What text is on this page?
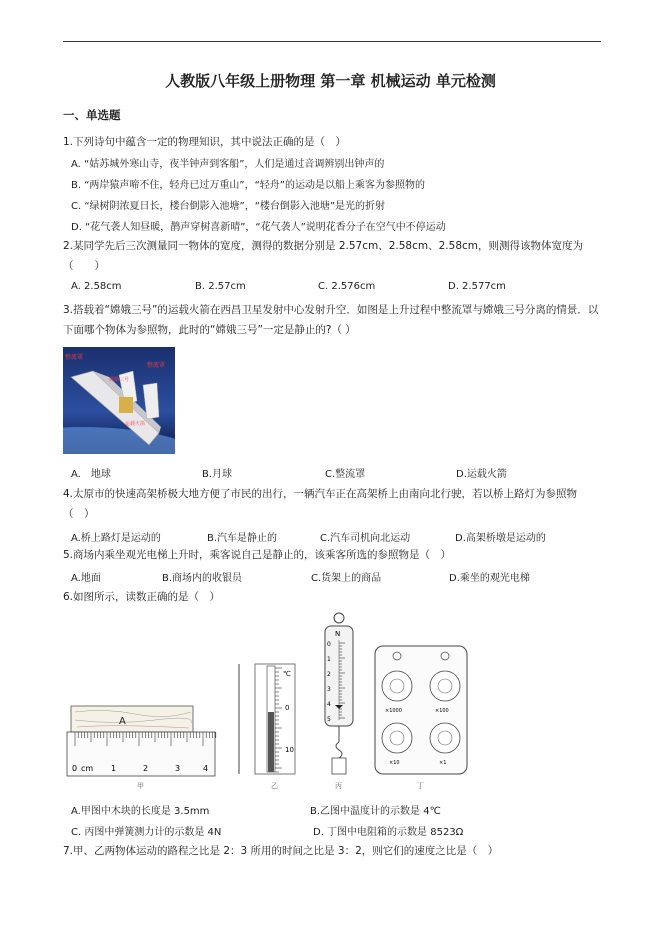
人教版八年级上册物理 第一章 机械运动 单元检测
一、单选题
1.下列诗句中蕴含一定的物理知识，其中说法正确的是（　）
A. “姑苏城外寒山寺，夜半钟声到客船”，人们是通过音调辨别出钟声的
B. “两岸猿声啼不住，轻舟已过万重山”，“轻舟”的运动是以船上乘客为参照物的
C. “绿树阴浓夏日长，楼台倒影入池塘”，“楼台倒影入池塘”是光的折射
D. “花气袭人知昼暖，鹊声穿树喜新晴”，“花气袭人”说明花香分子在空气中不停运动
2.某同学先后三次测量同一物体的宽度，测得的数据分别是 2.57cm、2.58cm、2.58cm，则测得该物体宽度为（　　）
A. 2.58cm	B. 2.57cm	C. 2.576cm	D. 2.577cm
3.搭载着“嫦娥三号”的运载火箭在西昌卫星发射中心发射升空．如图是上升过程中整流罩与嫦娥三号分离的情景．以下面哪个物体为参照物，此时的“嫦娥三号”一定是静止的?（ ）
整流罩
嫦娥三号
整流罩
运载火箭
A.　地球	B.月球	C.整流罩	D.运载火箭
4.太原市的快速高架桥极大地方便了市民的出行，一辆汽车正在高架桥上由南向北行驶，若以桥上路灯为参照物（　）
A.桥上路灯是运动的	B.汽车是静止的	C.汽车司机向北运动	D.高架桥墩是运动的
5.商场内乘坐观光电梯上升时，乘客说自己是静止的，该乘客所选的参照物是（　）
A.地面	B.商场内的收银员	C.货架上的商品	D.乘坐的观光电梯
6.如图所示，读数正确的是（　）
A
0 cm 1	2	3	4
甲
℃
0
10
乙
N
0
1
2
3
4
5
丙
×1000	×100
×10	×1
丁
A.甲图中木块的长度是 3.5mm	B.乙图中温度计的示数是 4℃
C. 丙图中弹簧测力计的示数是 4N	D. 丁图中电阻箱的示数是 8523Ω
7.甲、乙两物体运动的路程之比是 2：3 所用的时间之比是 3：2，则它们的速度之比是（　）
